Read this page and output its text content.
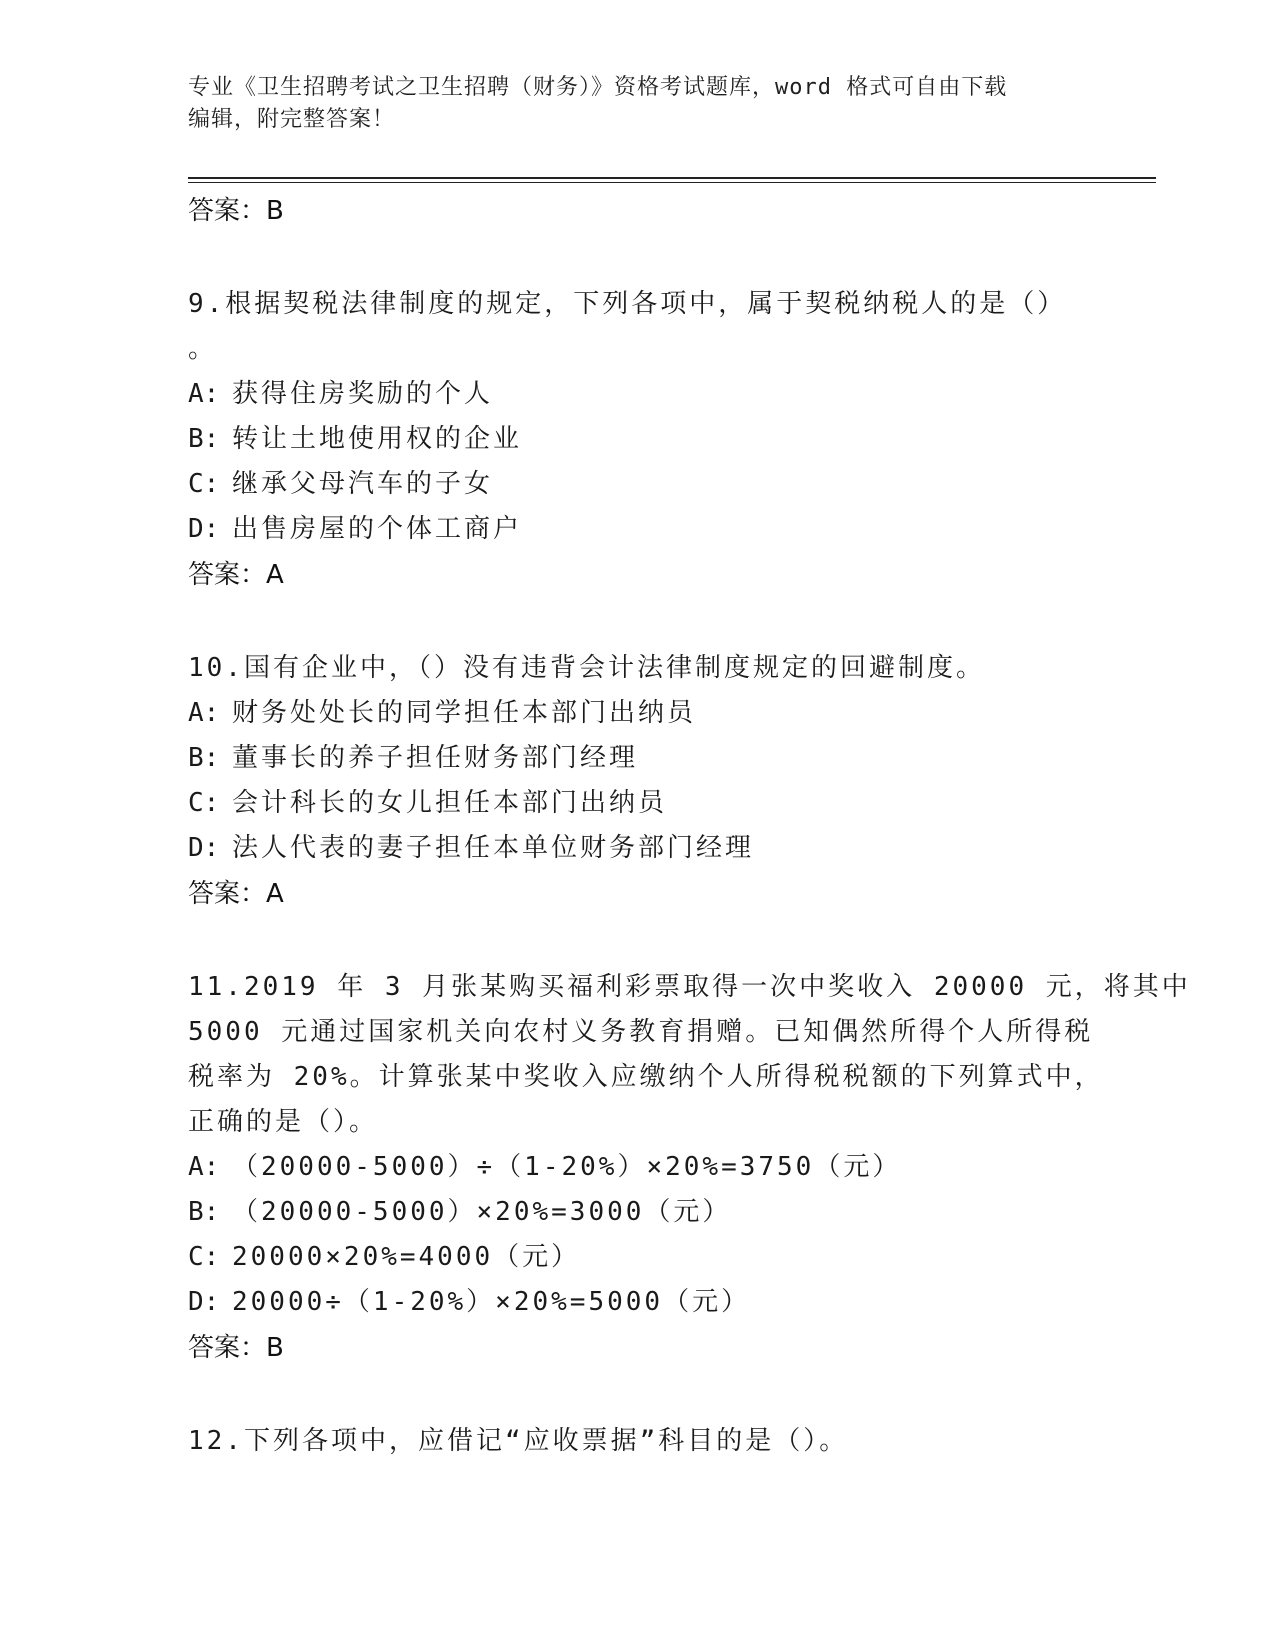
专业《卫生招聘考试之卫生招聘（财务）》资格考试题库，word 格式可自由下载
编辑，附完整答案！
答案：B
9.根据契税法律制度的规定，下列各项中，属于契税纳税人的是（）
。
A: 获得住房奖励的个人
B: 转让土地使用权的企业
C: 继承父母汽车的子女
D: 出售房屋的个体工商户
答案：A
10.国有企业中，（）没有违背会计法律制度规定的回避制度。
A: 财务处处长的同学担任本部门出纳员
B: 董事长的养子担任财务部门经理
C: 会计科长的女儿担任本部门出纳员
D: 法人代表的妻子担任本单位财务部门经理
答案：A
11.2019 年 3 月张某购买福利彩票取得一次中奖收入 20000 元，将其中
5000 元通过国家机关向农村义务教育捐赠。已知偶然所得个人所得税
税率为 20%。计算张某中奖收入应缴纳个人所得税税额的下列算式中，
正确的是（）。
A: （20000-5000）÷（1-20%）×20%=3750（元）
B: （20000-5000）×20%=3000（元）
C: 20000×20%=4000（元）
D: 20000÷（1-20%）×20%=5000（元）
答案：B
12.下列各项中，应借记“应收票据”科目的是（）。
